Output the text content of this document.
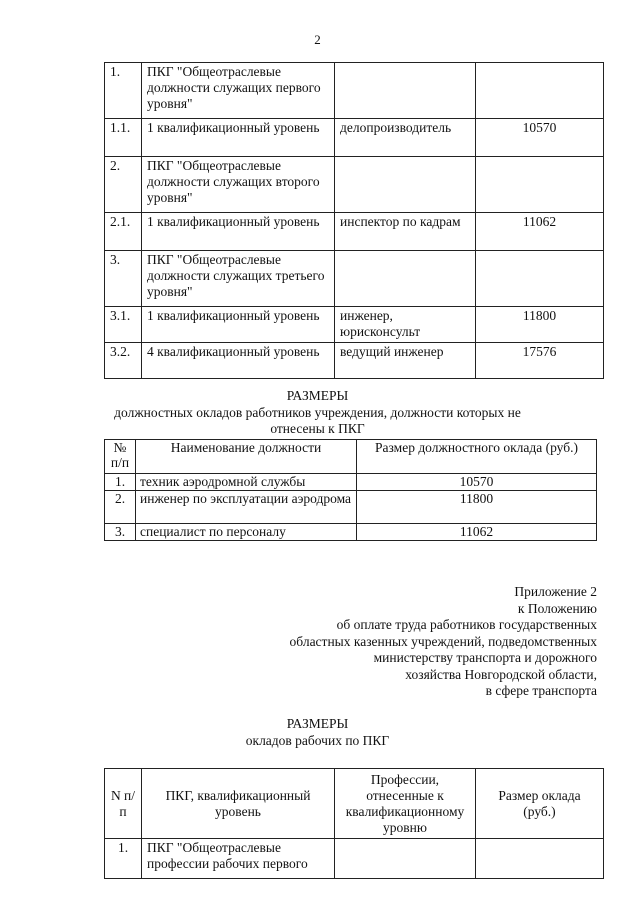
2
1.	ПКГ "Общеотраслевые должности служащих первого уровня"		
1.1.	1 квалификационный уровень	делопроизводитель	10570
2.	ПКГ "Общеотраслевые должности служащих второго уровня"		
2.1.	1 квалификационный уровень	инспектор по кадрам	11062
3.	ПКГ "Общеотраслевые должности служащих третьего уровня"		
3.1.	1 квалификационный уровень	инженер, юрисконсульт	11800
3.2.	4 квалификационный уровень	ведущий инженер	17576
РАЗМЕРЫ
должностных окладов работников учреждения, должности которых не
отнесены к ПКГ
№ п/п	Наименование должности	Размер должностного оклада (руб.)
1.	техник аэродромной службы	10570
2.	инженер по эксплуатации аэродрома	11800
3.	специалист по персоналу	11062
Приложение 2
к Положению
об оплате труда работников государственных
областных казенных учреждений, подведомственных
министерству транспорта и дорожного
хозяйства Новгородской области,
в сфере транспорта
РАЗМЕРЫ
окладов рабочих по ПКГ
N п/п	ПКГ, квалификационный уровень	Профессии, отнесенные к квалификационному уровню	Размер оклада (руб.)
1.	ПКГ "Общеотраслевые профессии рабочих первого		
